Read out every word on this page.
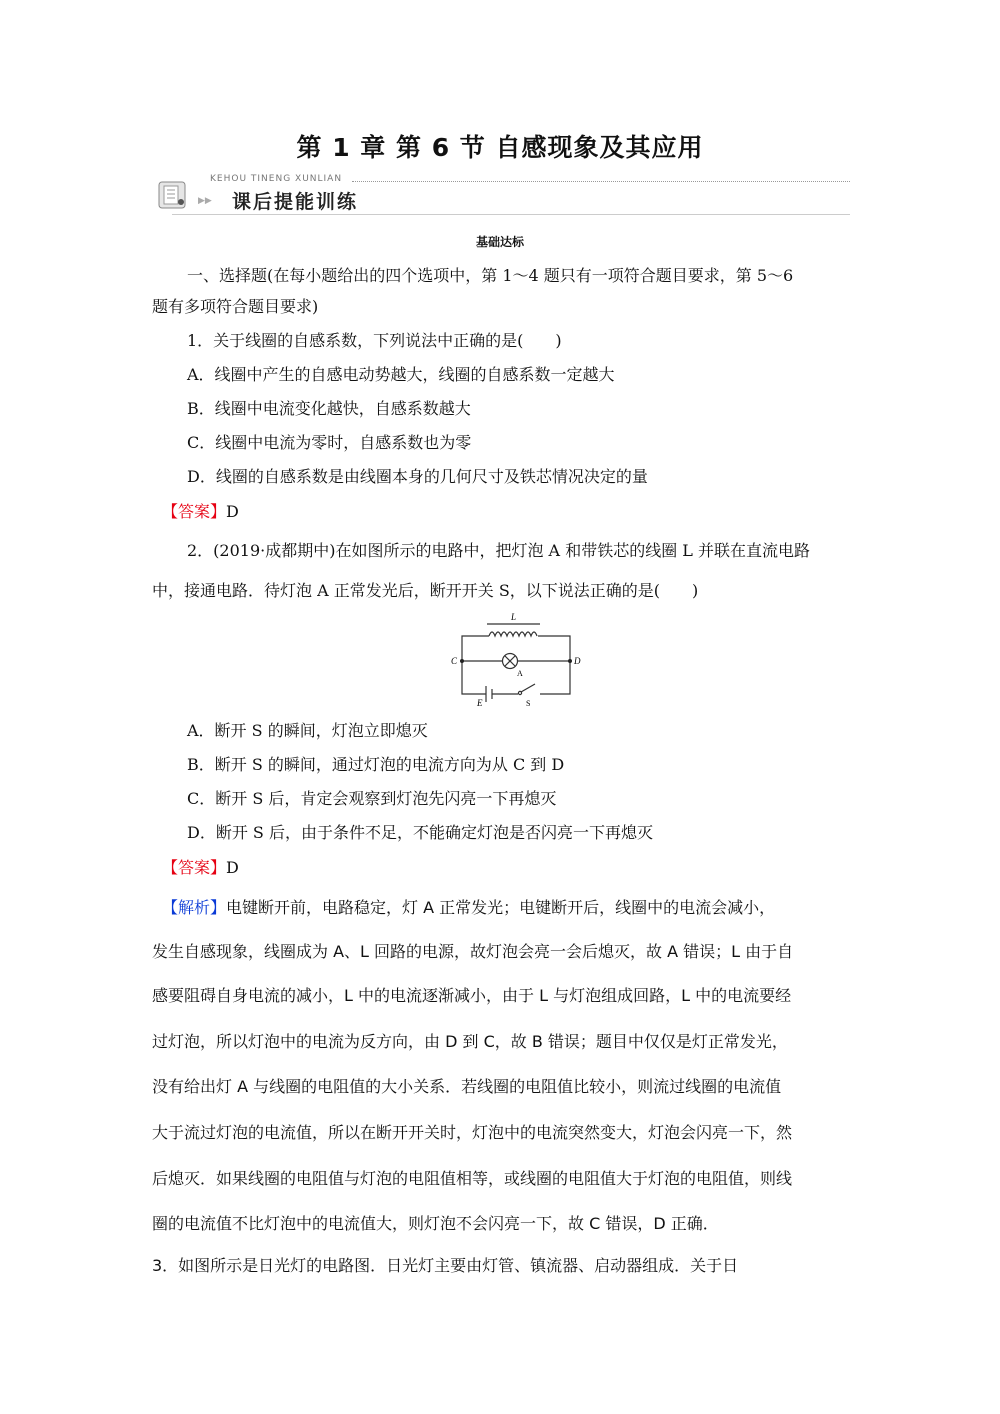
第 1 章 第 6 节 自感现象及其应用
KEHOU TINENG XUNLIAN
▶▶ 课后提能训练
基础达标
一、选择题(在每小题给出的四个选项中，第 1～4 题只有一项符合题目要求，第 5～6
题有多项符合题目要求)
1．关于线圈的自感系数，下列说法中正确的是(　　)
A．线圈中产生的自感电动势越大，线圈的自感系数一定越大
B．线圈中电流变化越快，自感系数越大
C．线圈中电流为零时，自感系数也为零
D．线圈的自感系数是由线圈本身的几何尺寸及铁芯情况决定的量
【答案】D
2．(2019·成都期中)在如图所示的电路中，把灯泡 A 和带铁芯的线圈 L 并联在直流电路
中，接通电路．待灯泡 A 正常发光后，断开开关 S，以下说法正确的是(　　)
L
C	D
A
E	S
A．断开 S 的瞬间，灯泡立即熄灭
B．断开 S 的瞬间，通过灯泡的电流方向为从 C 到 D
C．断开 S 后，肯定会观察到灯泡先闪亮一下再熄灭
D．断开 S 后，由于条件不足，不能确定灯泡是否闪亮一下再熄灭
【答案】D
【解析】电键断开前，电路稳定，灯 A 正常发光；电键断开后，线圈中的电流会减小，
发生自感现象，线圈成为 A、L 回路的电源，故灯泡会亮一会后熄灭，故 A 错误；L 由于自
感要阻碍自身电流的减小，L 中的电流逐渐减小，由于 L 与灯泡组成回路，L 中的电流要经
过灯泡，所以灯泡中的电流为反方向，由 D 到 C，故 B 错误；题目中仅仅是灯正常发光，
没有给出灯 A 与线圈的电阻值的大小关系．若线圈的电阻值比较小，则流过线圈的电流值
大于流过灯泡的电流值，所以在断开开关时，灯泡中的电流突然变大，灯泡会闪亮一下，然
后熄灭．如果线圈的电阻值与灯泡的电阻值相等，或线圈的电阻值大于灯泡的电阻值，则线
圈的电流值不比灯泡中的电流值大，则灯泡不会闪亮一下，故 C 错误，D 正确．
3．如图所示是日光灯的电路图．日光灯主要由灯管、镇流器、启动器组成．关于日
